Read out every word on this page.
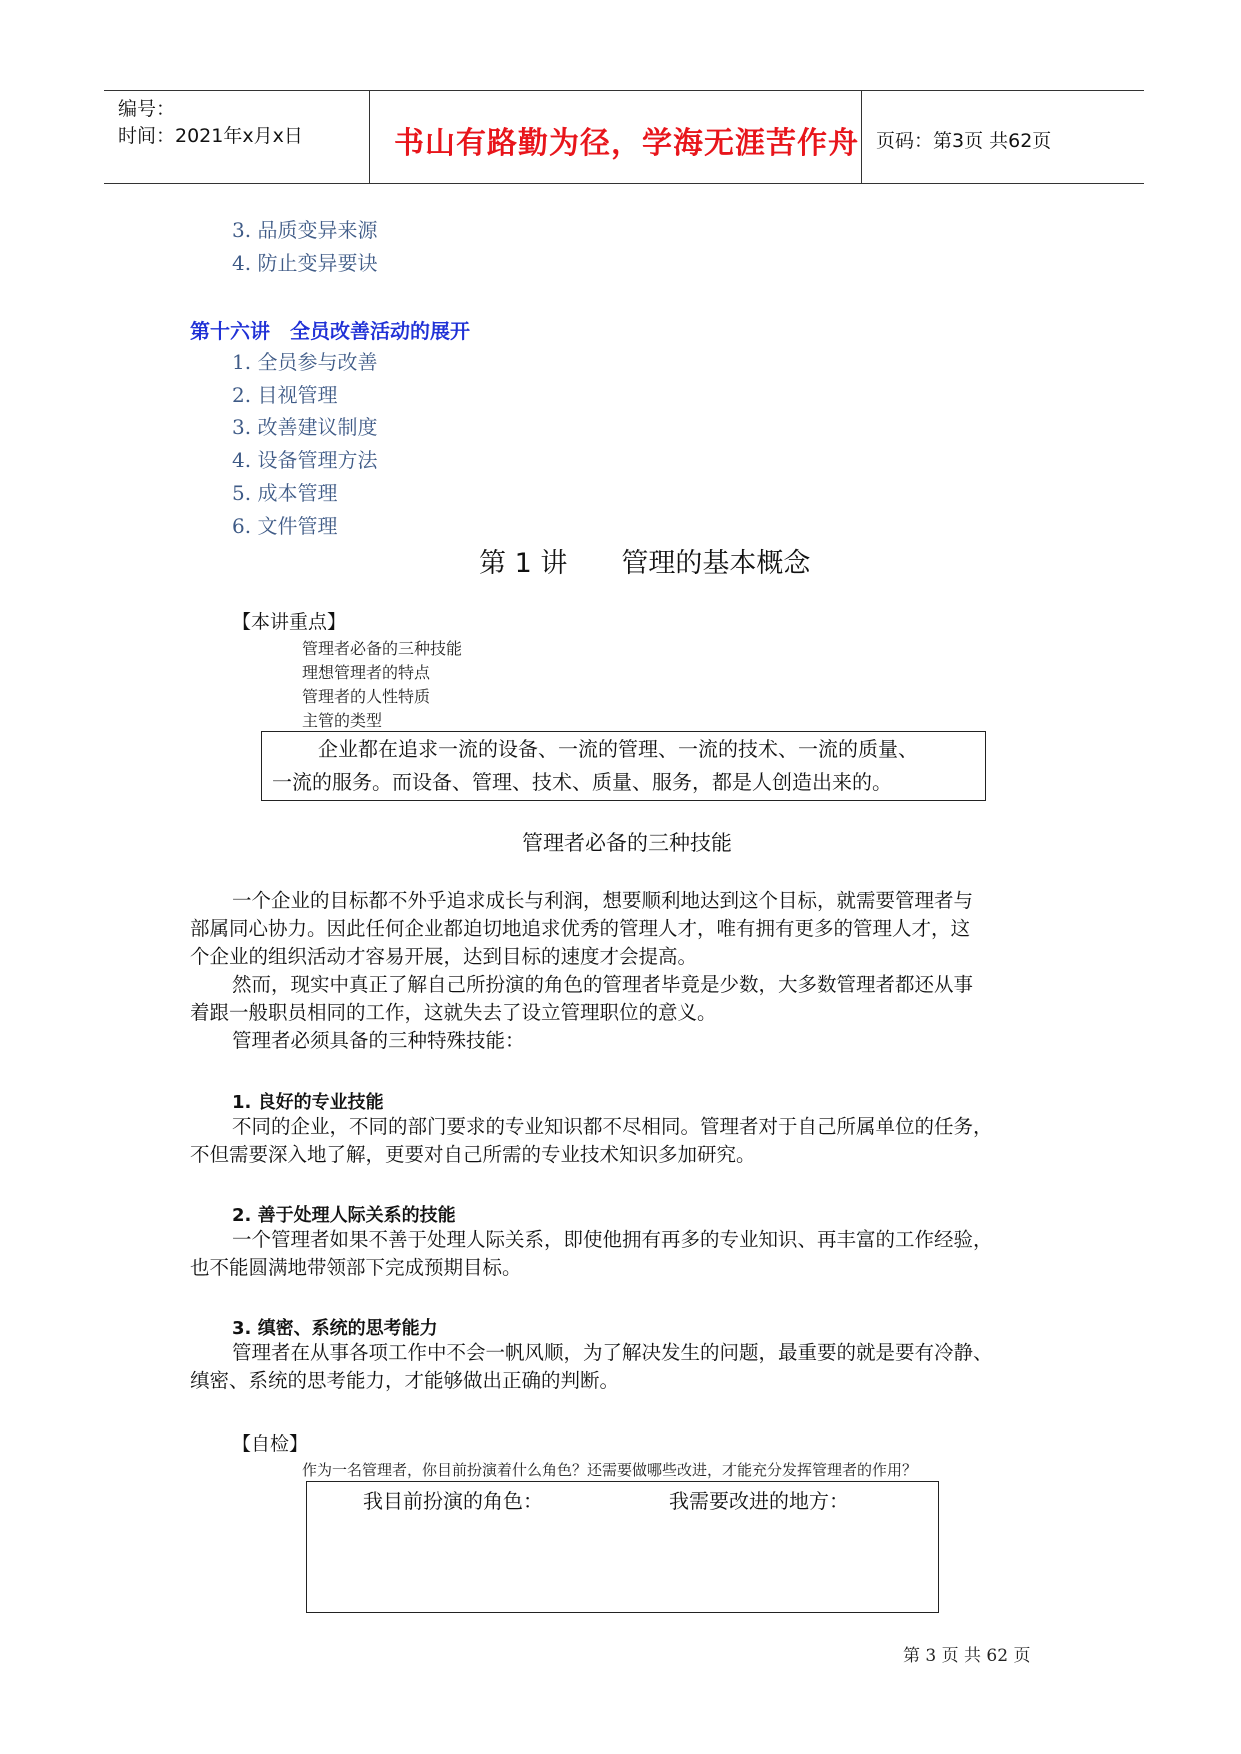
编号：
时间：2021年x月x日	书山有路勤为径，学海无涯苦作舟 页码：第3页 共62页
3. 品质变异来源
4. 防止变异要诀
第十六讲　全员改善活动的展开
1. 全员参与改善
2. 目视管理
3. 改善建议制度
4. 设备管理方法
5. 成本管理
6. 文件管理
第 1 讲　　管理的基本概念
【本讲重点】
管理者必备的三种技能
理想管理者的特点
管理者的人性特质
主管的类型
企业都在追求一流的设备、一流的管理、一流的技术、一流的质量、
一流的服务。而设备、管理、技术、质量、服务，都是人创造出来的。
管理者必备的三种技能
一个企业的目标都不外乎追求成长与利润，想要顺利地达到这个目标，就需要管理者与
部属同心协力。因此任何企业都迫切地追求优秀的管理人才，唯有拥有更多的管理人才，这
个企业的组织活动才容易开展，达到目标的速度才会提高。
然而，现实中真正了解自己所扮演的角色的管理者毕竟是少数，大多数管理者都还从事
着跟一般职员相同的工作，这就失去了设立管理职位的意义。
管理者必须具备的三种特殊技能：
1. 良好的专业技能
不同的企业，不同的部门要求的专业知识都不尽相同。管理者对于自己所属单位的任务，
不但需要深入地了解，更要对自己所需的专业技术知识多加研究。
2. 善于处理人际关系的技能
一个管理者如果不善于处理人际关系，即使他拥有再多的专业知识、再丰富的工作经验，
也不能圆满地带领部下完成预期目标。
3. 缜密、系统的思考能力
管理者在从事各项工作中不会一帆风顺，为了解决发生的问题，最重要的就是要有冷静、
缜密、系统的思考能力，才能够做出正确的判断。
【自检】
作为一名管理者，你目前扮演着什么角色？还需要做哪些改进，才能充分发挥管理者的作用？
我目前扮演的角色：	我需要改进的地方：
第 3 页 共 62 页
